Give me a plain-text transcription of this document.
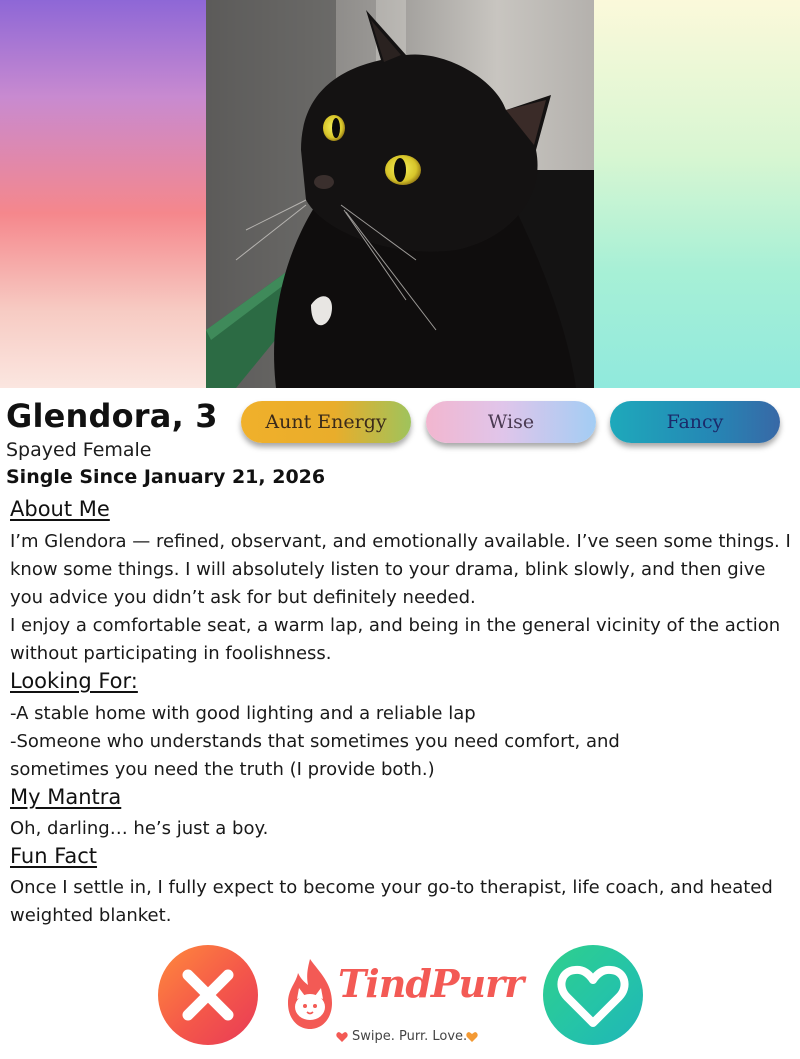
Glendora, 3
Spayed Female
Single Since January 21, 2026
Aunt Energy	Wise	Fancy
About Me
I’m Glendora — refined, observant, and emotionally available. I’ve seen some things. I know some things. I will absolutely listen to your drama, blink slowly, and then give you advice you didn’t ask for but definitely needed.
I enjoy a comfortable seat, a warm lap, and being in the general vicinity of the action without participating in foolishness.
Looking For:
-A stable home with good lighting and a reliable lap
-Someone who understands that sometimes you need comfort, and sometimes you need the truth (I provide both.)
My Mantra
Oh, darling… he’s just a boy.
Fun Fact
Once I settle in, I fully expect to become your go-to therapist, life coach, and heated weighted blanket.
TindPurr
Swipe. Purr. Love.
